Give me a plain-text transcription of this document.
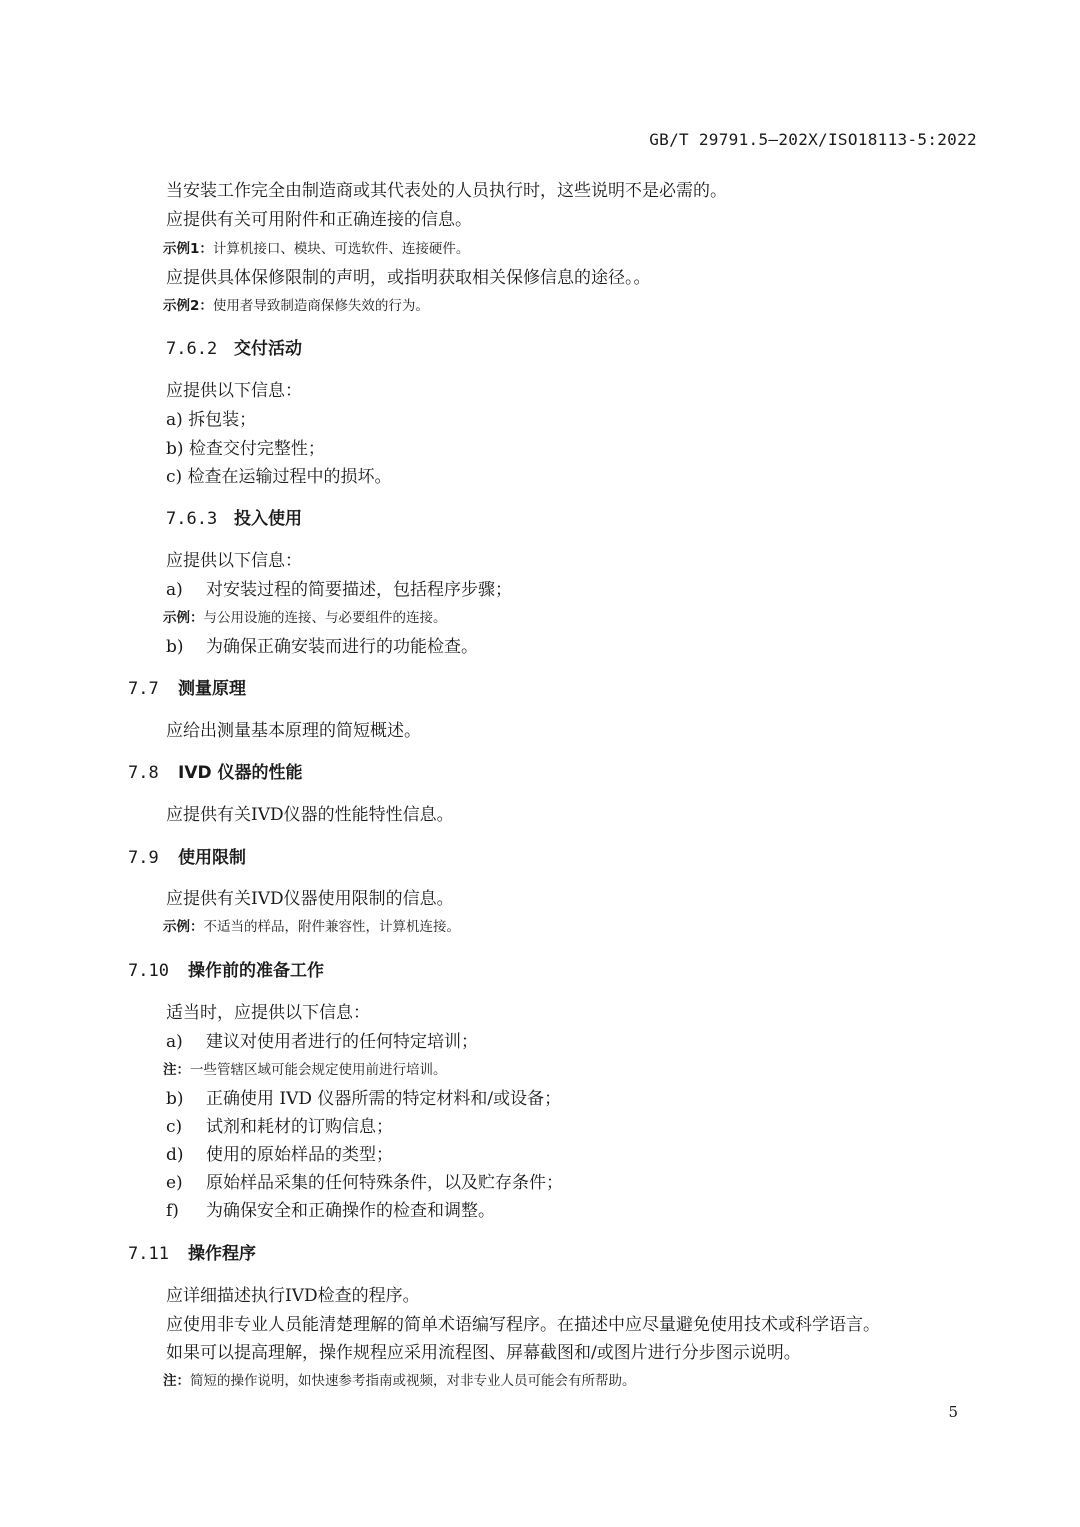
GB/T 29791.5—202X/ISO18113-5:2022
当安装工作完全由制造商或其代表处的人员执行时，这些说明不是必需的。
应提供有关可用附件和正确连接的信息。
示例1：计算机接口、模块、可选软件、连接硬件。
应提供具体保修限制的声明，或指明获取相关保修信息的途径。。
示例2：使用者导致制造商保修失效的行为。
7.6.2 交付活动
应提供以下信息：
a) 拆包装；
b) 检查交付完整性；
c) 检查在运输过程中的损坏。
7.6.3 投入使用
应提供以下信息：
a) 对安装过程的简要描述，包括程序步骤；
示例：与公用设施的连接、与必要组件的连接。
b) 为确保正确安装而进行的功能检查。
7.7 测量原理
应给出测量基本原理的简短概述。
7.8 IVD 仪器的性能
应提供有关IVD仪器的性能特性信息。
7.9 使用限制
应提供有关IVD仪器使用限制的信息。
示例：不适当的样品，附件兼容性，计算机连接。
7.10 操作前的准备工作
适当时，应提供以下信息：
a) 建议对使用者进行的任何特定培训；
注：一些管辖区域可能会规定使用前进行培训。
b) 正确使用 IVD 仪器所需的特定材料和/或设备；
c) 试剂和耗材的订购信息；
d) 使用的原始样品的类型；
e) 原始样品采集的任何特殊条件，以及贮存条件；
f) 为确保安全和正确操作的检查和调整。
7.11 操作程序
应详细描述执行IVD检查的程序。
应使用非专业人员能清楚理解的简单术语编写程序。在描述中应尽量避免使用技术或科学语言。
如果可以提高理解，操作规程应采用流程图、屏幕截图和/或图片进行分步图示说明。
注：简短的操作说明，如快速参考指南或视频，对非专业人员可能会有所帮助。
5
